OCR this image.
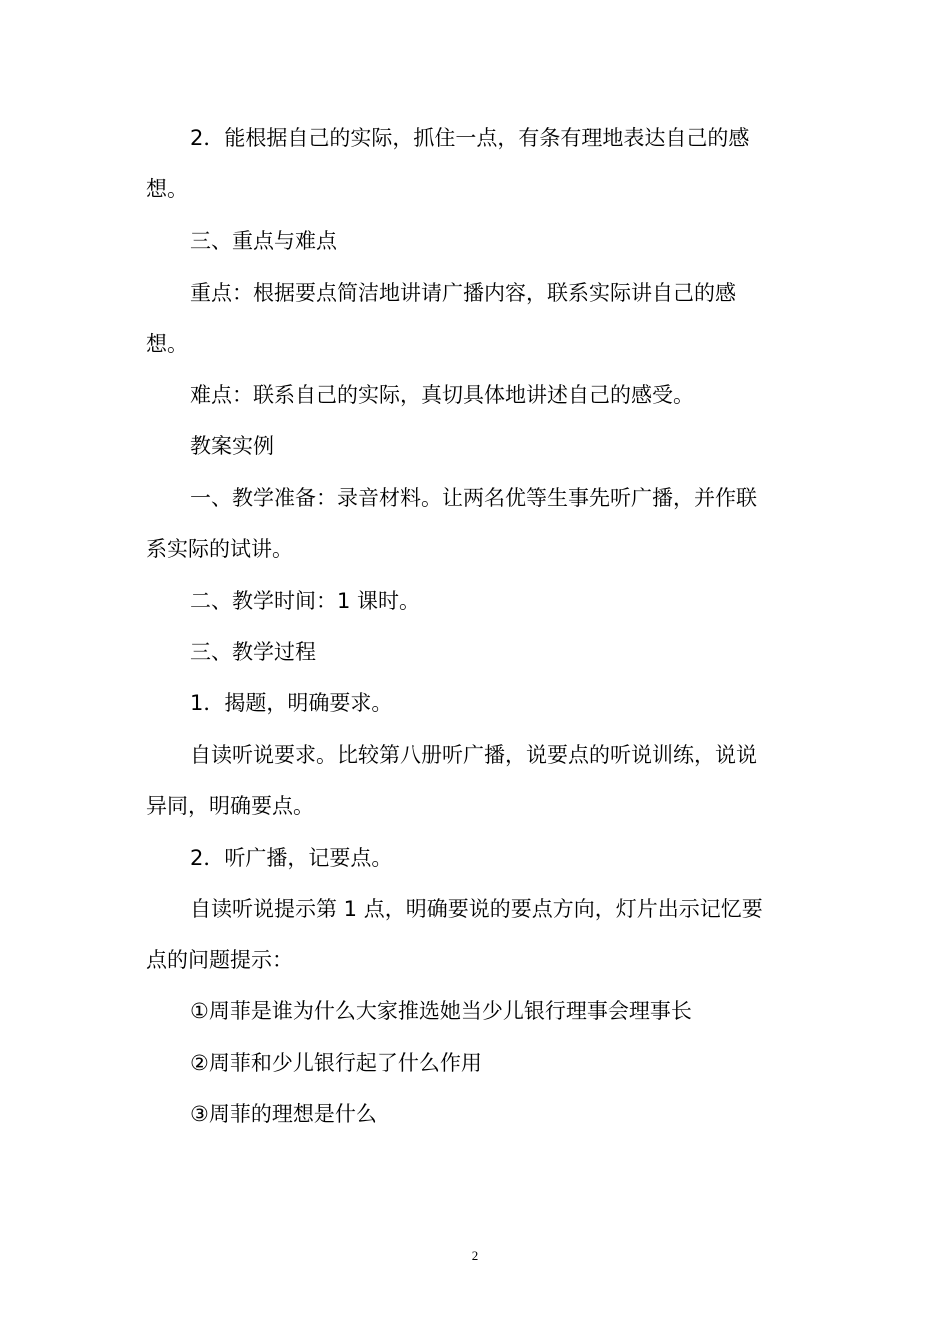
2．能根据自己的实际，抓住一点，有条有理地表达自己的感
想。
三、重点与难点
重点：根据要点简洁地讲请广播内容，联系实际讲自己的感
想。
难点：联系自己的实际，真切具体地讲述自己的感受。
教案实例
一、教学准备：录音材料。让两名优等生事先听广播，并作联
系实际的试讲。
二、教学时间：1 课时。
三、教学过程
1．揭题，明确要求。
自读听说要求。比较第八册听广播，说要点的听说训练，说说
异同，明确要点。
2．听广播，记要点。
自读听说提示第 1 点，明确要说的要点方向，灯片出示记忆要
点的问题提示：
①周菲是谁为什么大家推选她当少儿银行理事会理事长
②周菲和少儿银行起了什么作用
③周菲的理想是什么
2
